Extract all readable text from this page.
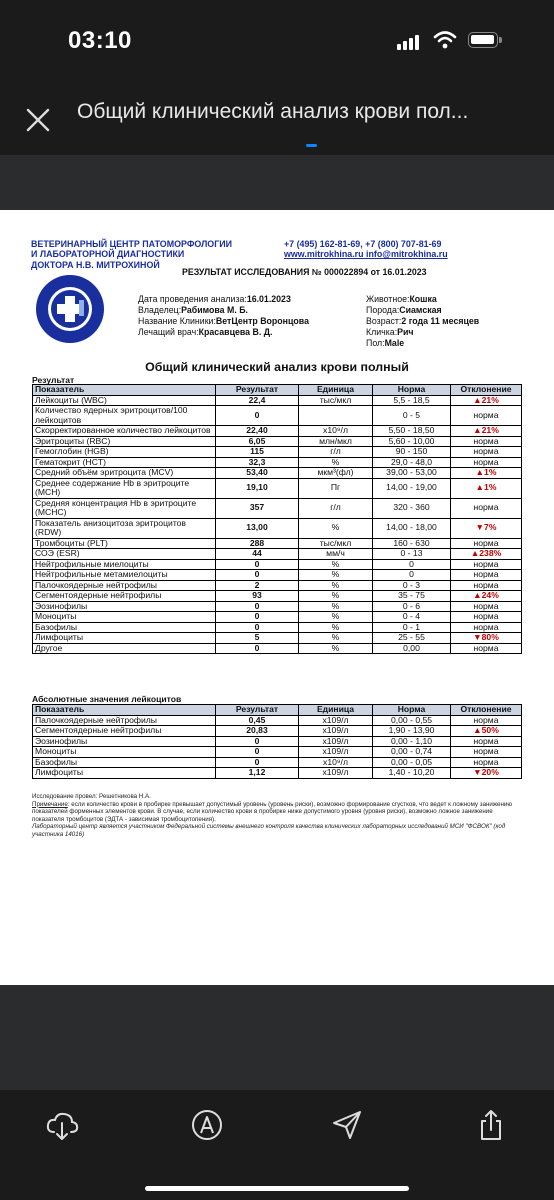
03:10
Общий клинический анализ крови пол...
ВЕТЕРИНАРНЫЙ ЦЕНТР ПАТОМОРФОЛОГИИ
И ЛАБОРАТОРНОЙ ДИАГНОСТИКИ
ДОКТОРА Н.В. МИТРОХИНОЙ
+7 (495) 162-81-69, +7 (800) 707-81-69
www.mitrokhina.ru info@mitrokhina.ru
РЕЗУЛЬТАТ ИССЛЕДОВАНИЯ № 000022894 от 16.01.2023
Дата проведения анализа:16.01.2023
Владелец:Рабимова М. Б.
Название Клиники:ВетЦентр Воронцова
Лечащий врач:Красавцева В. Д.
Животное:Кошка
Порода:Сиамская
Возраст:2 года 11 месяцев
Кличка:Рич
Пол:Male
Общий клинический анализ крови полный
Результат
Показатель	Результат	Единица	Норма	Отклонение
Лейкоциты (WBC)	22,4	тыс/мкл	5,5 - 18,5	▲21%
Количество ядерных эритроцитов/100 лейкоцитов	0		0 - 5	норма
Скорректированное количество лейкоцитов	22,40	х10⁹/л	5,50 - 18,50	▲21%
Эритроциты (RBC)	6,05	млн/мкл	5,60 - 10,00	норма
Гемоглобин (HGB)	115	г/л	90 - 150	норма
Гематокрит (HCT)	32,3	%	29,0 - 48,0	норма
Средний объём эритроцита (MCV)	53,40	мкм³(фл)	39,00 - 53,00	▲1%
Среднее содержание Hb в эритроците (MCH)	19,10	Пг	14,00 - 19,00	▲1%
Средняя концентрация Hb в эритроците (MCHC)	357	г/л	320 - 360	норма
Показатель анизоцитоза эритроцитов (RDW)	13,00	%	14,00 - 18,00	▼7%
Тромбоциты (PLT)	288	тыс/мкл	160 - 630	норма
СОЭ (ESR)	44	мм/ч	0 - 13	▲238%
Нейтрофильные миелоциты	0	%	0	норма
Нейтрофильные метамиелоциты	0	%	0	норма
Палочкоядерные нейтрофилы	2	%	0 - 3	норма
Сегментоядерные нейтрофилы	93	%	35 - 75	▲24%
Эозинофилы	0	%	0 - 6	норма
Моноциты	0	%	0 - 4	норма
Базофилы	0	%	0 - 1	норма
Лимфоциты	5	%	25 - 55	▼80%
Другое	0	%	0,00	норма
Абсолютные значения лейкоцитов
Показатель	Результат	Единица	Норма	Отклонение
Палочкоядерные нейтрофилы	0,45	х109/л	0,00 - 0,55	норма
Сегментоядерные нейтрофилы	20,83	х109/л	1,90 - 13,90	▲50%
Эозинофилы	0	х109/л	0,00 - 1,10	норма
Моноциты	0	х109/л	0,00 - 0,74	норма
Базофилы	0	х10⁹/л	0,00 - 0,05	норма
Лимфоциты	1,12	х109/л	1,40 - 10,20	▼20%
Исследование провел: Решетникова Н.А.
Примечание: если количество крови в пробирке превышает допустимый уровень (уровень риски), возможно формирование сгустков, что ведет к ложному занижению показателей форменных элементов крови. В случае, если количество крови в пробирке ниже допустимого уровня (уровня риски), возможно ложное занижение показателя тромбоцитов (ЭДТА - зависимая тромбоцитопения).
Лабораторный центр является участником Федеральной системы внешнего контроля качества клинических лабораторных исследований МСИ "ФСВОК" (код участника 14016)
